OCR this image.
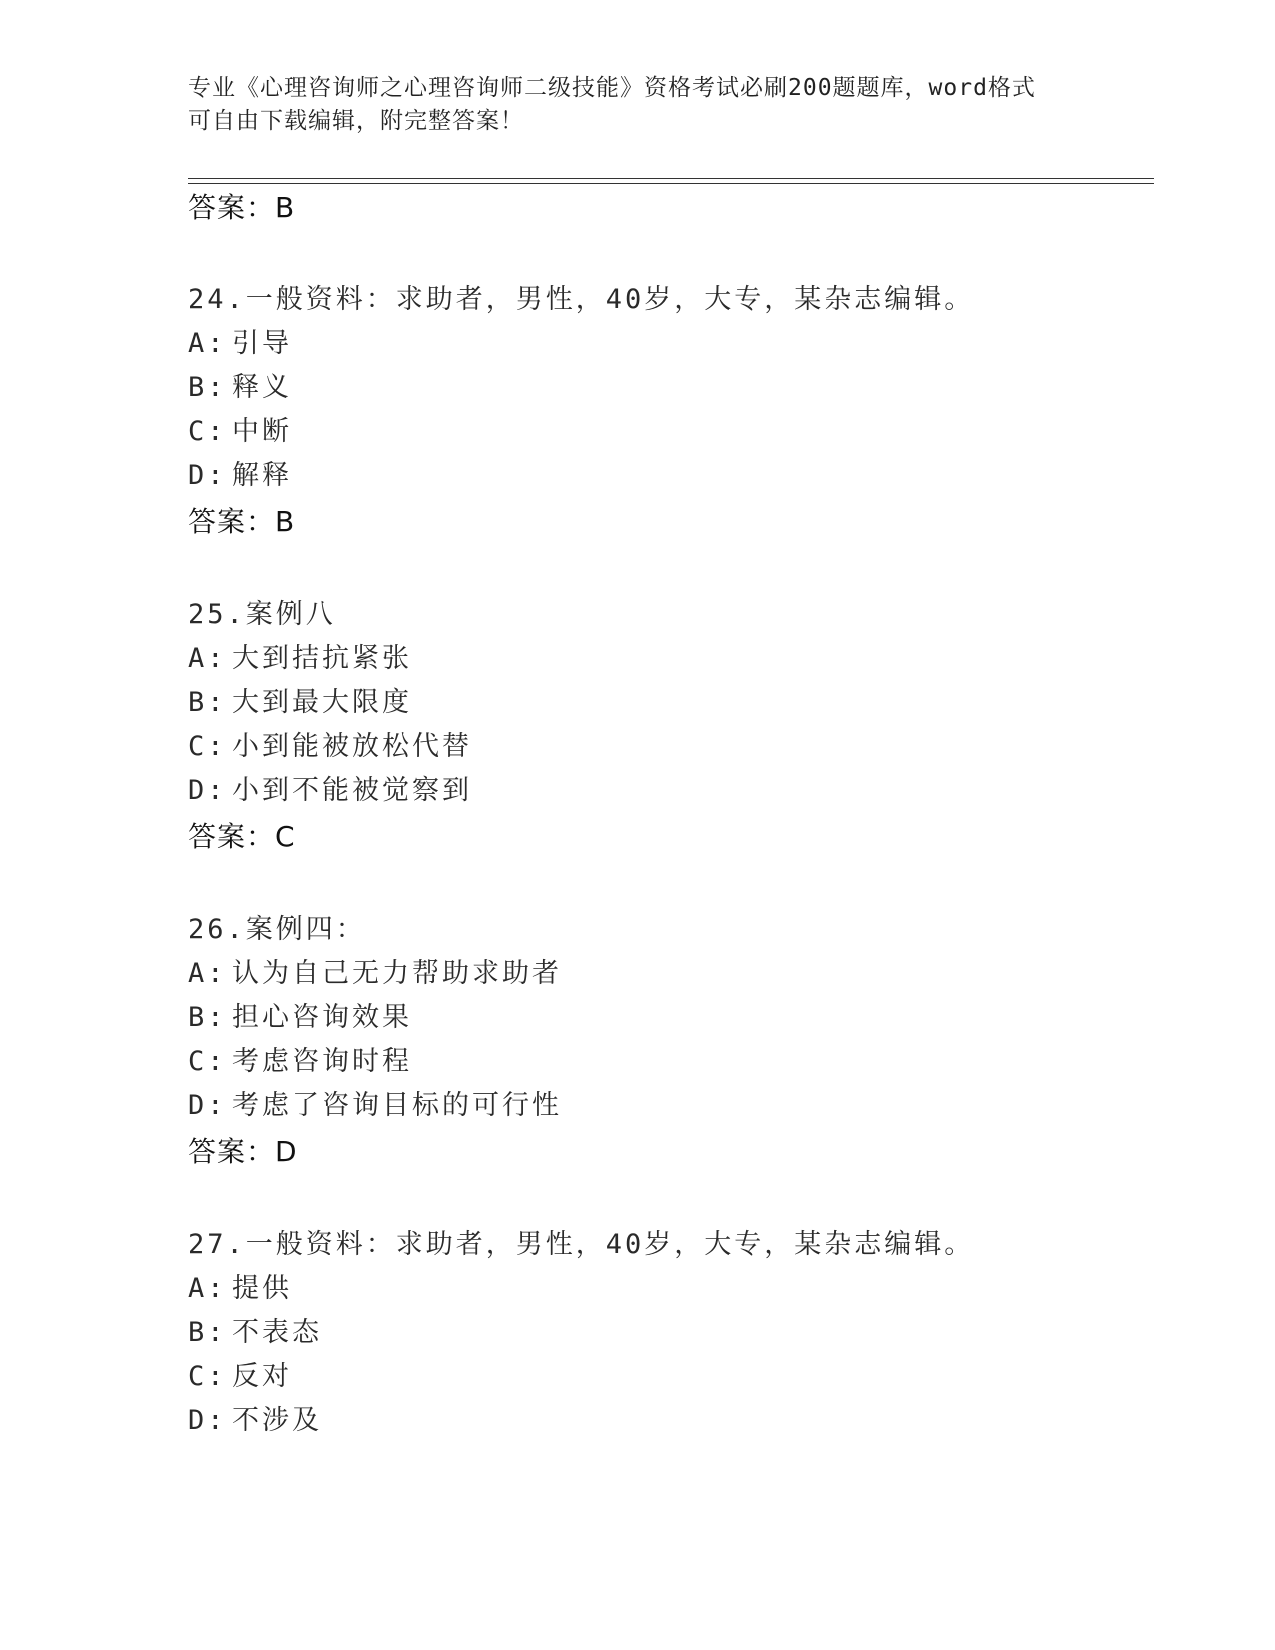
专业《心理咨询师之心理咨询师二级技能》资格考试必刷200题题库，word格式
可自由下载编辑，附完整答案！
答案：B
24.一般资料：求助者，男性，40岁，大专，某杂志编辑。
A: 引导
B: 释义
C: 中断
D: 解释
答案：B
25.案例八
A: 大到拮抗紧张
B: 大到最大限度
C: 小到能被放松代替
D: 小到不能被觉察到
答案：C
26.案例四：
A: 认为自己无力帮助求助者
B: 担心咨询效果
C: 考虑咨询时程
D: 考虑了咨询目标的可行性
答案：D
27.一般资料：求助者，男性，40岁，大专，某杂志编辑。
A: 提供
B: 不表态
C: 反对
D: 不涉及
